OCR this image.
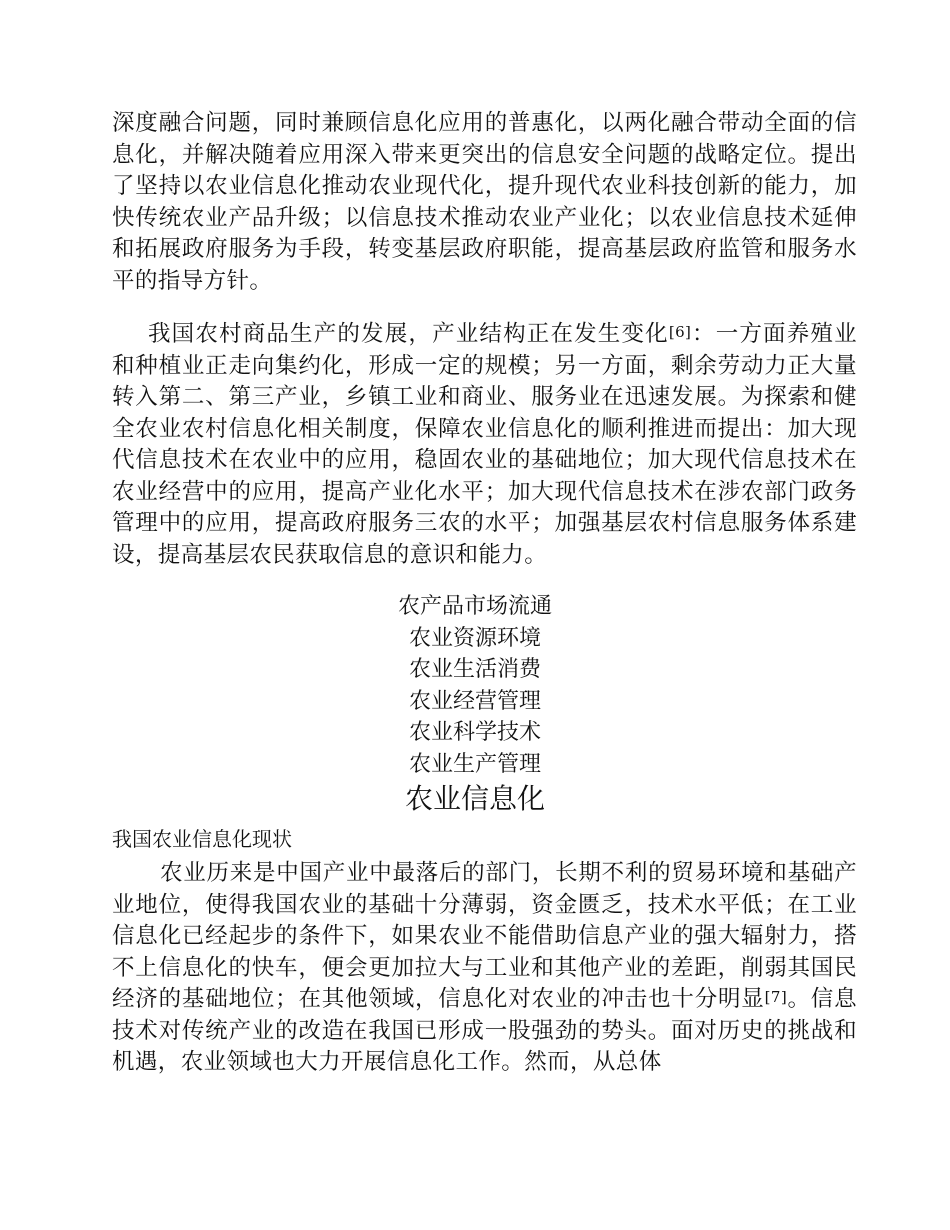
深度融合问题，同时兼顾信息化应用的普惠化，以两化融合带动全面的信息化，并解决随着应用深入带来更突出的信息安全问题的战略定位。提出了坚持以农业信息化推动农业现代化，提升现代农业科技创新的能力，加快传统农业产品升级；以信息技术推动农业产业化；以农业信息技术延伸和拓展政府服务为手段，转变基层政府职能，提高基层政府监管和服务水平的指导方针。

我国农村商品生产的发展，产业结构正在发生变化[6]：一方面养殖业和种植业正走向集约化，形成一定的规模；另一方面，剩余劳动力正大量转入第二、第三产业，乡镇工业和商业、服务业在迅速发展。为探索和健全农业农村信息化相关制度，保障农业信息化的顺利推进而提出：加大现代信息技术在农业中的应用，稳固农业的基础地位；加大现代信息技术在农业经营中的应用，提高产业化水平；加大现代信息技术在涉农部门政务管理中的应用，提高政府服务三农的水平；加强基层农村信息服务体系建设，提高基层农民获取信息的意识和能力。

农产品市场流通
农业资源环境
农业生活消费
农业经营管理
农业科学技术
农业生产管理
农业信息化
我国农业信息化现状

农业历来是中国产业中最落后的部门，长期不利的贸易环境和基础产业地位，使得我国农业的基础十分薄弱，资金匮乏，技术水平低；在工业信息化已经起步的条件下，如果农业不能借助信息产业的强大辐射力，搭不上信息化的快车，便会更加拉大与工业和其他产业的差距，削弱其国民经济的基础地位；在其他领域，信息化对农业的冲击也十分明显[7]。信息技术对传统产业的改造在我国已形成一股强劲的势头。面对历史的挑战和机遇，农业领域也大力开展信息化工作。然而，从总体
